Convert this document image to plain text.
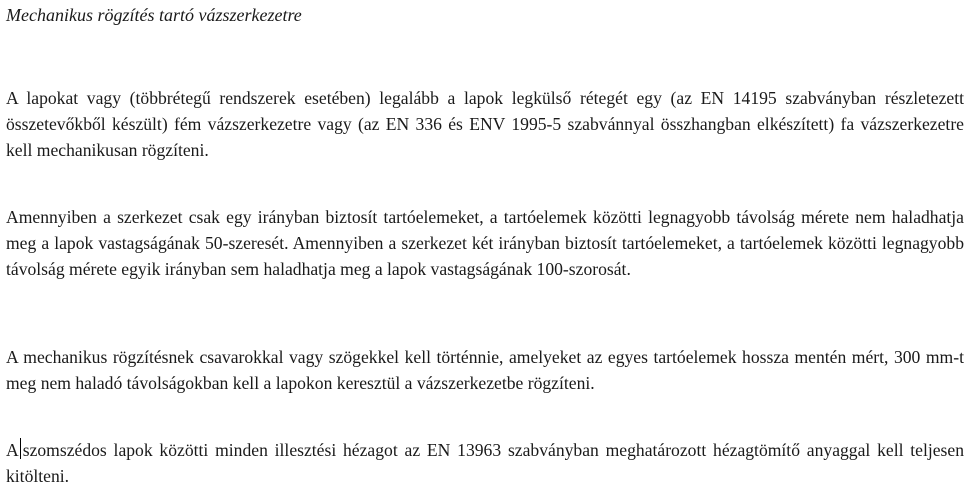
Mechanikus rögzítés tartó vázszerkezetre

A lapokat vagy (többrétegű rendszerek esetében) legalább a lapok legkülső rétegét egy (az EN 14195 szabványban részletezett összetevőkből készült) fém vázszerkezetre vagy (az EN 336 és ENV 1995-5 szabvánnyal összhangban elkészített) fa vázszerkezetre kell mechanikusan rögzíteni.

Amennyiben a szerkezet csak egy irányban biztosít tartóelemeket, a tartóelemek közötti legnagyobb távolság mérete nem haladhatja meg a lapok vastagságának 50-szeresét. Amennyiben a szerkezet két irányban biztosít tartóelemeket, a tartóelemek közötti legnagyobb távolság mérete egyik irányban sem haladhatja meg a lapok vastagságának 100-szorosát.

A mechanikus rögzítésnek csavarokkal vagy szögekkel kell történnie, amelyeket az egyes tartóelemek hossza mentén mért, 300 mm-t meg nem haladó távolságokban kell a lapokon keresztül a vázszerkezetbe rögzíteni.

A szomszédos lapok közötti minden illesztési hézagot az EN 13963 szabványban meghatározott hézagtömítő anyaggal kell teljesen kitölteni.
